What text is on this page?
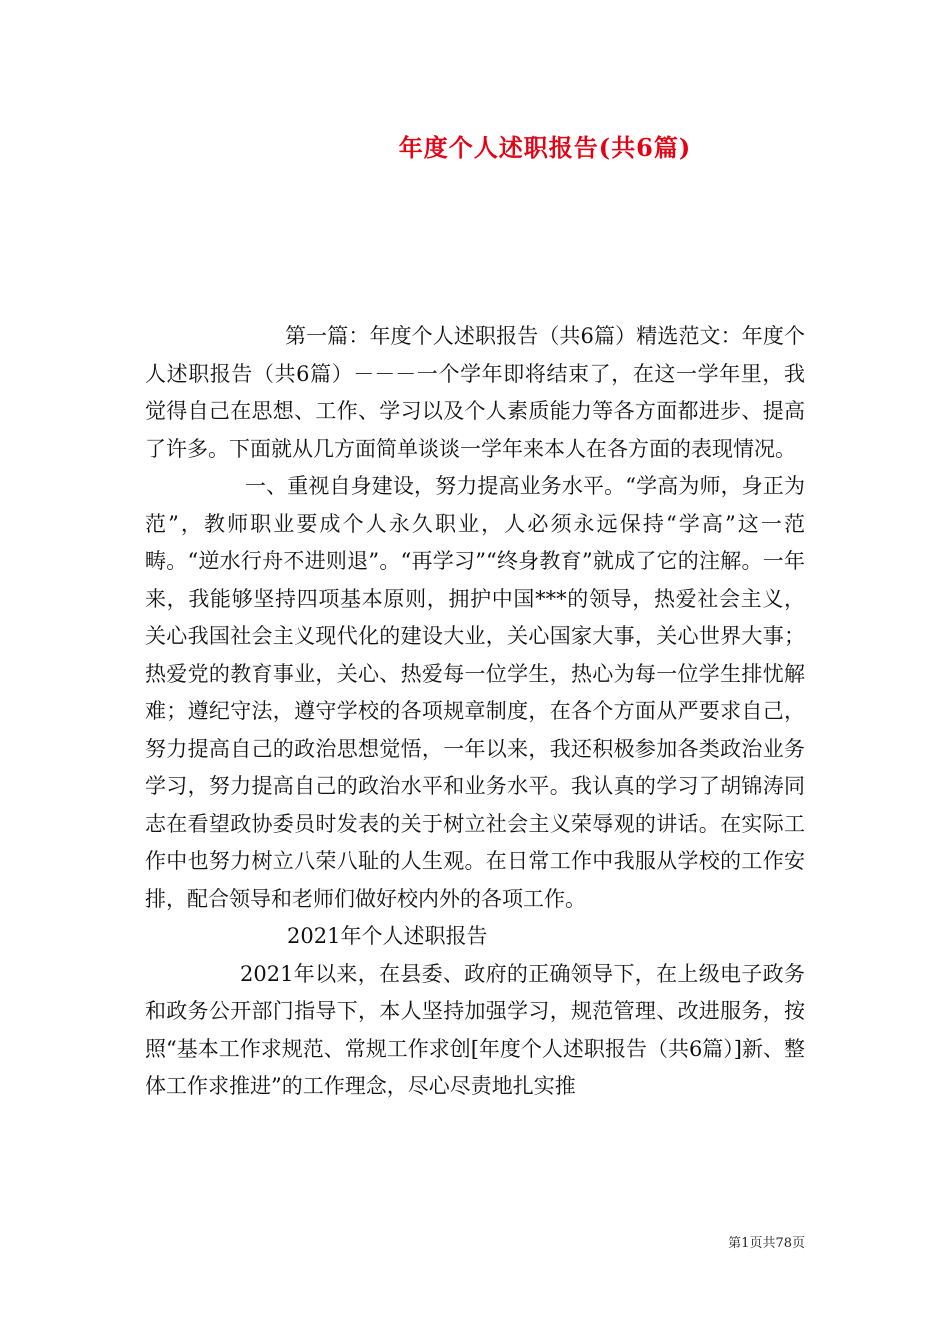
年度个人述职报告(共6篇)

第一篇：年度个人述职报告（共6篇）精选范文：年度个人述职报告（共6篇）－－－一个学年即将结束了，在这一学年里，我觉得自己在思想、工作、学习以及个人素质能力等各方面都进步、提高了许多。下面就从几方面简单谈谈一学年来本人在各方面的表现情况。

一、重视自身建设，努力提高业务水平。“学高为师，身正为范”，教师职业要成个人永久职业，人必须永远保持“学高”这一范畴。“逆水行舟不进则退”。“再学习”“终身教育”就成了它的注解。一年来，我能够坚持四项基本原则，拥护中国***的领导，热爱社会主义，关心我国社会主义现代化的建设大业，关心国家大事，关心世界大事；热爱党的教育事业，关心、热爱每一位学生，热心为每一位学生排忧解难；遵纪守法，遵守学校的各项规章制度，在各个方面从严要求自己，努力提高自己的政治思想觉悟，一年以来，我还积极参加各类政治业务学习，努力提高自己的政治水平和业务水平。我认真的学习了胡锦涛同志在看望政协委员时发表的关于树立社会主义荣辱观的讲话。在实际工作中也努力树立八荣八耻的人生观。在日常工作中我服从学校的工作安排，配合领导和老师们做好校内外的各项工作。

2021年个人述职报告

2021年以来，在县委、政府的正确领导下，在上级电子政务和政务公开部门指导下，本人坚持加强学习，规范管理、改进服务，按照“基本工作求规范、常规工作求创[年度个人述职报告（共6篇）]新、整体工作求推进”的工作理念，尽心尽责地扎实推

第1页共78页
